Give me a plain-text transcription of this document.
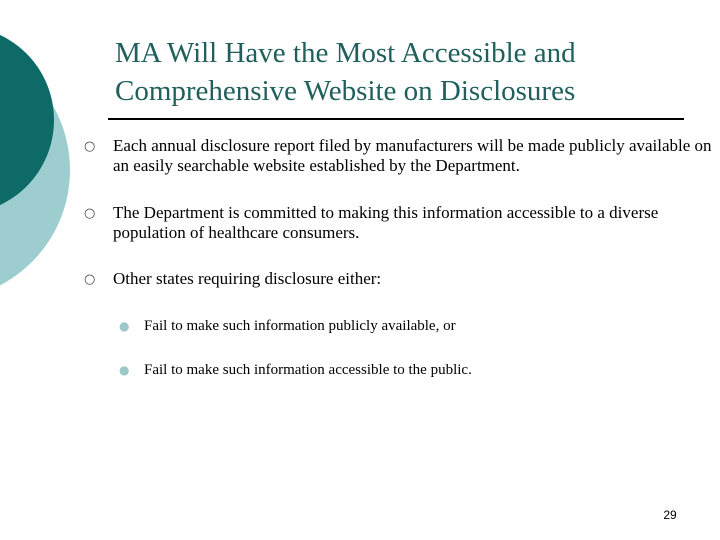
MA Will Have the Most Accessible and Comprehensive Website on Disclosures
○ Each annual disclosure report filed by manufacturers will be made publicly available on an easily searchable website established by the Department.
○ The Department is committed to making this information accessible to a diverse population of healthcare consumers.
○ Other states requiring disclosure either:
● Fail to make such information publicly available, or
● Fail to make such information accessible to the public.
29
